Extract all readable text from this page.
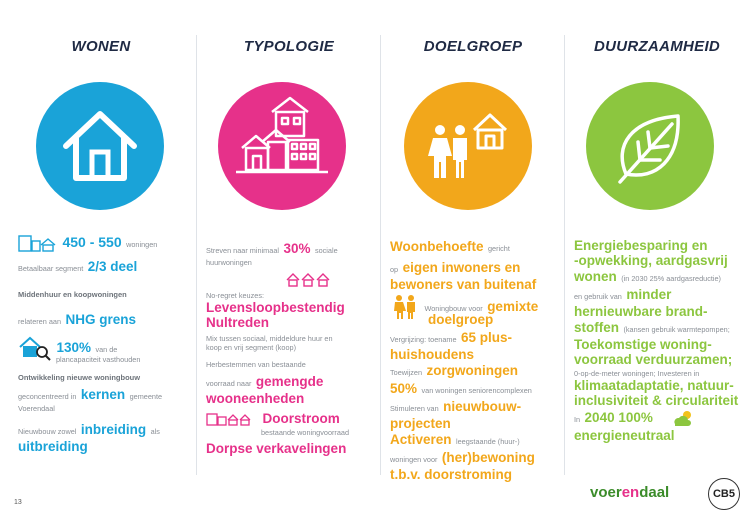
WONEN
450 - 550 woningen
Betaalbaar segment 2/3 deel
Middenhuur en koopwoningen
relateren aan NHG grens
130% van de
plancapaciteit vasthouden
Ontwikkeling nieuwe woningbouw
geconcentreerd in kernen gemeente
Voerendaal
Nieuwbouw zowel inbreiding als
uitbreiding
TYPOLOGIE
Streven naar minimaal 30% sociale
huurwoningen
No-regret keuzes:
Levensloopbestendig
Nultreden
Mix tussen sociaal, middeldure huur en
koop en vrij segment (koop)
Herbestemmen van bestaande
voorraad naar gemengde
wooneenheden
Doorstroom
bestaande woningvoorraad
Dorpse verkavelingen
DOELGROEP
Woonbehoefte gericht
op eigen inwoners en
bewoners van buitenaf
Woningbouw voor gemixte
doelgroep
Vergrijzing: toename 65 plus-
huishoudens
Toewijzen zorgwoningen
50% van woningen seniorencomplexen
Stimuleren van nieuwbouw-
projecten
Activeren leegstaande (huur-)
woningen voor (her)bewoning
t.b.v. doorstroming
DUURZAAMHEID
Energiebesparing en
-opwekking, aardgasvrij
wonen (in 2030 25% aardgasreductie)
en gebruik van minder
hernieuwbare brand-
stoffen (kansen gebruik warmtepompen;
Toekomstige woning-
voorraad verduurzamen;
0-op-de-meter woningen; Investeren in
klimaatadaptatie, natuur-
inclusiviteit & circulariteit
In 2040 100%
energieneutraal
13
voerendaal	CB5
